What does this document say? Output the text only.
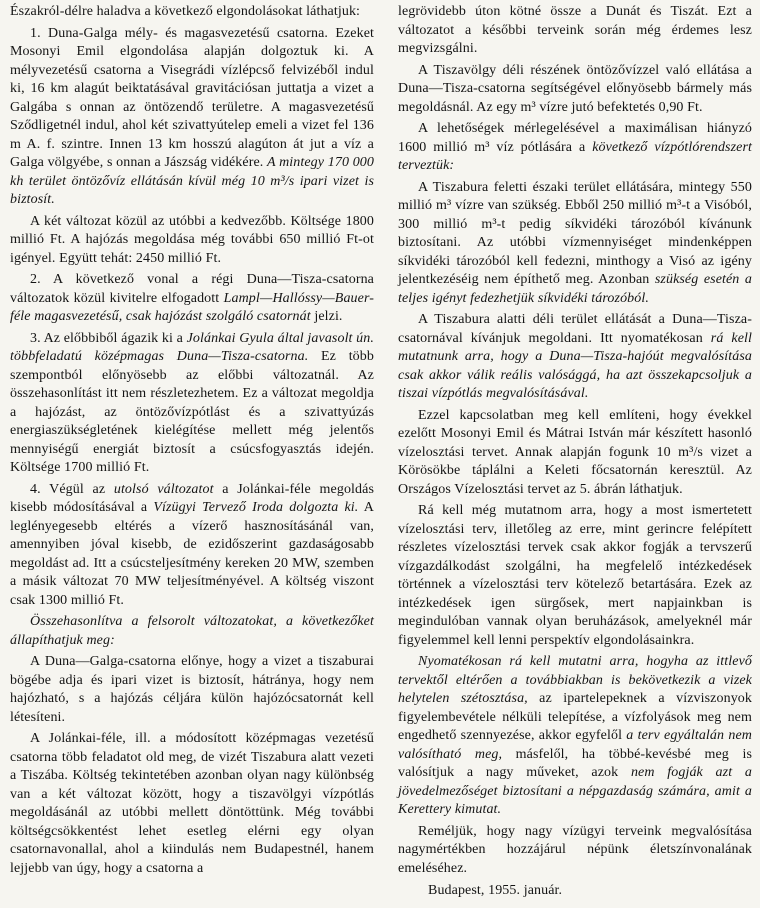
Északról-délre haladva a következő elgondolásokat láthatjuk:

1. Duna-Galga mély- és magasvezetésű csatorna. Ezeket Mosonyi Emil elgondolása alapján dolgoztuk ki. A mélyvezetésű csatorna a Visegrádi vízlépcső felvizéből indul ki, 16 km alagút beiktatásával gravitációsan juttatja a vizet a Galgába s onnan az öntözendő területre. A magasvezetésű Sződligetnél indul, ahol két szivattyútelep emeli a vizet fel 136 m A. f. szintre. Innen 13 km hosszú alagúton át jut a víz a Galga völgyébe, s onnan a Jászság vidékére. A mintegy 170 000 kh terület öntözővíz ellátásán kívül még 10 m³/s ipari vizet is biztosít.

A két változat közül az utóbbi a kedvezőbb. Költsége 1800 millió Ft. A hajózás megoldása még további 650 millió Ft-ot igényel. Együtt tehát: 2450 millió Ft.

2. A következő vonal a régi Duna—Tisza-csatorna változatok közül kivitelre elfogadott Lampl—Hallóssy—Bauer-féle magasvezetésű, csak hajózást szolgáló csatornát jelzi.

3. Az előbbiből ágazik ki a Jolánkai Gyula által javasolt ún. többfeladatú középmagas Duna—Tisza-csatorna. Ez több szempontból előnyösebb az előbbi változatnál. Az összehasonlítást itt nem részletezhetem. Ez a változat megoldja a hajózást, az öntözővízpótlást és a szivattyúzás energiaszükségletének kielégítése mellett még jelentős mennyiségű energiát biztosít a csúcsfogyasztás idején. Költsége 1700 millió Ft.

4. Végül az utolsó változatot a Jolánkai-féle megoldás kisebb módosításával a Vízügyi Tervező Iroda dolgozta ki. A leglényegesebb eltérés a vízerő hasznosításánál van, amennyiben jóval kisebb, de ezidőszerint gazdaságosabb megoldást ad. Itt a csúcsteljesítmény kereken 20 MW, szemben a másik változat 70 MW teljesítményével. A költség viszont csak 1300 millió Ft.

Összehasonlítva a felsorolt változatokat, a következőket állapíthatjuk meg:

A Duna—Galga-csatorna előnye, hogy a vizet a tiszaburai bögébe adja és ipari vizet is biztosít, hátránya, hogy nem hajózható, s a hajózás céljára külön hajózócsatornát kell létesíteni.

A Jolánkai-féle, ill. a módosított középmagas vezetésű csatorna több feladatot old meg, de vizét Tiszabura alatt vezeti a Tiszába. Költség tekintetében azonban olyan nagy különbség van a két változat között, hogy a tiszavölgyi vízpótlás megoldásánál az utóbbi mellett döntöttünk. Még további költségcsökkentést lehet esetleg elérni egy olyan csatornavonallal, ahol a kiindulás nem Budapestnél, hanem lejjebb van úgy, hogy a csatorna a

legrövidebb úton kötné össze a Dunát és Tiszát. Ezt a változatot a későbbi terveink során még érdemes lesz megvizsgálni.

A Tiszavölgy déli részének öntözővízzel való ellátása a Duna—Tisza-csatorna segítségével előnyösebb bármely más megoldásnál. Az egy m³ vízre jutó befektetés 0,90 Ft.

A lehetőségek mérlegelésével a maximálisan hiányzó 1600 millió m³ víz pótlására a következő vízpótlórendszert terveztük:

A Tiszabura feletti északi terület ellátására, mintegy 550 millió m³ vízre van szükség. Ebből 250 millió m³-t a Visóból, 300 millió m³-t pedig síkvidéki tározóból kívánunk biztosítani. Az utóbbi vízmennyiséget mindenképpen síkvidéki tározóból kell fedezni, minthogy a Visó az igény jelentkezéséig nem építhető meg. Azonban szükség esetén a teljes igényt fedezhetjük síkvidéki tározóból.

A Tiszabura alatti déli terület ellátását a Duna—Tisza-csatornával kívánjuk megoldani. Itt nyomatékosan rá kell mutatnunk arra, hogy a Duna—Tisza-hajóút megvalósítása csak akkor válik reális valósággá, ha azt összekapcsoljuk a tiszai vízpótlás megvalósításával.

Ezzel kapcsolatban meg kell említeni, hogy évekkel ezelőtt Mosonyi Emil és Mátrai István már készített hasonló vízelosztási tervet. Annak alapján fogunk 10 m³/s vizet a Körösökbe táplálni a Keleti főcsatornán keresztül. Az Országos Vízelosztási tervet az 5. ábrán láthatjuk.

Rá kell még mutatnom arra, hogy a most ismertetett vízelosztási terv, illetőleg az erre, mint gerincre felépített részletes vízelosztási tervek csak akkor fogják a tervszerű vízgazdálkodást szolgálni, ha megfelelő intézkedések történnek a vízelosztási terv kötelező betartására. Ezek az intézkedések igen sürgősek, mert napjainkban is megindulóban vannak olyan beruházások, amelyeknél már figyelemmel kell lenni perspektív elgondolásainkra.

Nyomatékosan rá kell mutatni arra, hogyha az ittlevő tervektől eltérően a továbbiakban is bekövetkezik a vizek helytelen szétosztása, az ipartelepeknek a vízviszonyok figyelembevétele nélküli telepítése, a vízfolyások meg nem engedhető szennyezése, akkor egyfelől a terv egyáltalán nem valósítható meg, másfelől, ha többé-kevésbé meg is valósítjuk a nagy műveket, azok nem fogják azt a jövedelmezőséget biztosítani a népgazdaság számára, amit a Kerettery kimutat.

Reméljük, hogy nagy vízügyi terveink megvalósítása nagymértékben hozzájárul népünk életszínvonalának emeléséhez.

Budapest, 1955. január.
